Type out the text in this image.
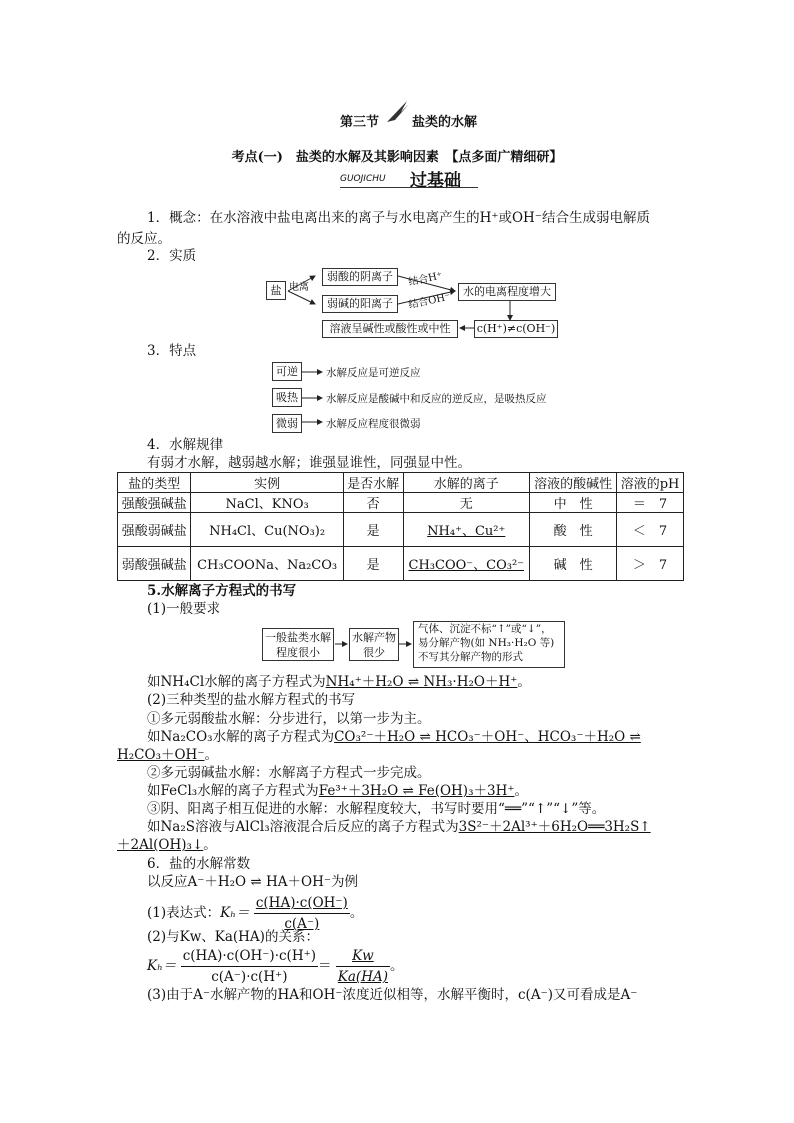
第三节	盐类的水解
考点(一)　盐类的水解及其影响因素　【点多面广精细研】
GUOJICHU 过基础
1．概念：在水溶液中盐电离出来的离子与水电离产生的H⁺或OH⁻结合生成弱电解质
的反应。
2．实质
盐 电离
弱酸的阴离子
弱碱的阳离子
结合H⁺
结合OH⁻
水的电离程度增大
c(H⁺)≠c(OH⁻)
溶液呈碱性或酸性或中性
3．特点
可逆	水解反应是可逆反应
吸热	水解反应是酸碱中和反应的逆反应，是吸热反应
微弱	水解反应程度很微弱
4．水解规律
有弱才水解，越弱越水解；谁强显谁性，同强显中性。
盐的类型	实例	是否水解	水解的离子	溶液的酸碱性	溶液的pH
强酸强碱盐	NaCl、KNO₃	否	无	中　性	＝　7
强酸弱碱盐	NH₄Cl、Cu(NO₃)₂	是	NH₄⁺、Cu²⁺	酸　性	＜　7
弱酸强碱盐	CH₃COONa、Na₂CO₃	是	CH₃COO⁻、CO₃²⁻	碱　性	＞　7
5.水解离子方程式的书写
(1)一般要求
一般盐类水解程度很小
水解产物很少
气体、沉淀不标“↑”或“↓”，
易分解产物(如 NH₃·H₂O 等)
不写其分解产物的形式
如NH₄Cl水解的离子方程式为NH₄⁺＋H₂O ⇌ NH₃·H₂O＋H⁺。
(2)三种类型的盐水解方程式的书写
①多元弱酸盐水解：分步进行，以第一步为主。
如Na₂CO₃水解的离子方程式为CO₃²⁻＋H₂O ⇌ HCO₃⁻＋OH⁻、HCO₃⁻＋H₂O ⇌
H₂CO₃＋OH⁻。
②多元弱碱盐水解：水解离子方程式一步完成。
如FeCl₃水解的离子方程式为Fe³⁺＋3H₂O ⇌ Fe(OH)₃＋3H⁺。
③阴、阳离子相互促进的水解：水解程度较大，书写时要用“══”“↑”“↓”等。
如Na₂S溶液与AlCl₃溶液混合后反应的离子方程式为3S²⁻＋2Al³⁺＋6H₂O══3H₂S↑
＋2Al(OH)₃↓。
6．盐的水解常数
以反应A⁻＋H₂O ⇌ HA＋OH⁻为例
(1)表达式：$K_h= \frac{c(HA)\cdot c(OH^-)}{c(A^-)}$ 。
(2)与Kw、Ka(HA)的关系：
$K_h= \frac{c(HA)\cdot c(OH^-)\cdot c(H^+)}{c(A^-)\cdot c(H^+)} = \frac{Kw}{Ka(HA)}$ 。
(3)由于A⁻水解产物的HA和OH⁻浓度近似相等，水解平衡时，c(A⁻)又可看成是A⁻
